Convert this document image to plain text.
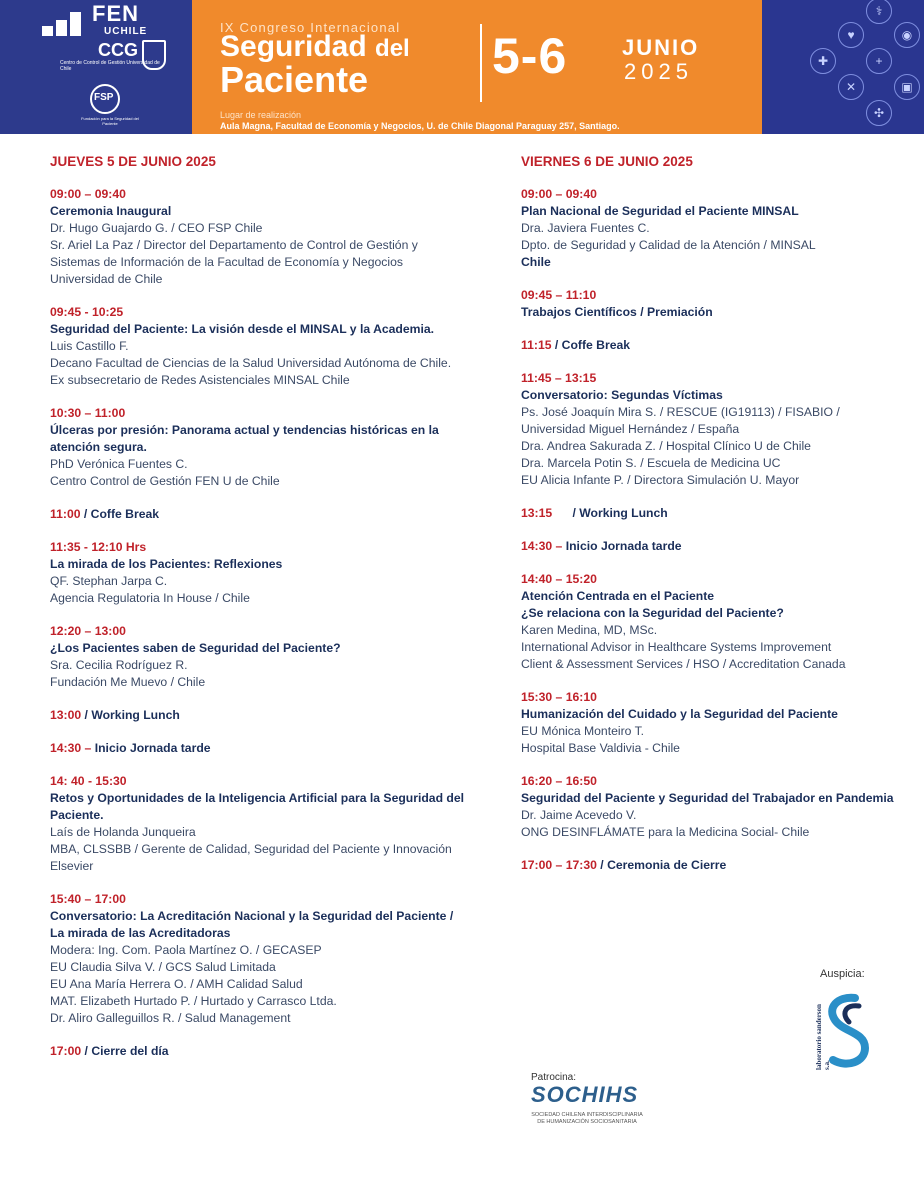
FEN
UCHILE
CCG
Centro de Control de Gestión Universidad de Chile
FSP
Fundación para la Seguridad del Paciente
IX Congreso Internacional
Seguridad del
Paciente 5-6 JUNIO
2025
Lugar de realización
Aula Magna, Facultad de Economía y Negocios, U. de Chile Diagonal Paraguay 257, Santiago.
⚕
♥
+
◉
✚
✕	▣
✣
JUEVES 5 DE JUNIO 2025
09:00 – 09:40
Ceremonia Inaugural
Dr. Hugo Guajardo G. / CEO FSP Chile
Sr. Ariel La Paz / Director del Departamento de Control de Gestión y Sistemas de Información de la Facultad de Economía y Negocios Universidad de Chile
09:45 - 10:25
Seguridad del Paciente: La visión desde el MINSAL y la Academia.
Luis Castillo F.
Decano Facultad de Ciencias de la Salud Universidad Autónoma de Chile.
Ex subsecretario de Redes Asistenciales MINSAL Chile
10:30 – 11:00
Úlceras por presión: Panorama actual y tendencias históricas en la atención segura.
PhD Verónica Fuentes C.
Centro Control de Gestión FEN U de Chile
11:00 / Coffe Break
11:35 - 12:10 Hrs
La mirada de los Pacientes: Reflexiones
QF. Stephan Jarpa C.
Agencia Regulatoria In House / Chile
12:20 – 13:00
¿Los Pacientes saben de Seguridad del Paciente?
Sra. Cecilia Rodríguez R.
Fundación Me Muevo / Chile
13:00 / Working Lunch
14:30 – Inicio Jornada tarde
14: 40 - 15:30
Retos y Oportunidades de la Inteligencia Artificial para la Seguridad del Paciente.
Laís de Holanda Junqueira
MBA, CLSSBB / Gerente de Calidad, Seguridad del Paciente y Innovación Elsevier
15:40 – 17:00
Conversatorio: La Acreditación Nacional y la Seguridad del Paciente / La mirada de las Acreditadoras
Modera: Ing. Com. Paola Martínez O. / GECASEP
EU Claudia Silva V. / GCS Salud Limitada
EU Ana María Herrera O. / AMH Calidad Salud
MAT. Elizabeth Hurtado P. / Hurtado y Carrasco Ltda.
Dr. Aliro Galleguillos R. / Salud Management
17:00 / Cierre del día
VIERNES 6 DE JUNIO 2025
09:00 – 09:40
Plan Nacional de Seguridad el Paciente MINSAL
Dra. Javiera Fuentes C.
Dpto. de Seguridad y Calidad de la Atención / MINSAL
Chile
09:45 – 11:10
Trabajos Científicos / Premiación
11:15 / Coffe Break
11:45 – 13:15
Conversatorio: Segundas Víctimas
Ps. José Joaquín Mira S. / RESCUE (IG19113) / FISABIO /
Universidad Miguel Hernández / España
Dra. Andrea Sakurada Z. / Hospital Clínico U de Chile
Dra. Marcela Potin S. / Escuela de Medicina UC
EU Alicia Infante P. / Directora Simulación U. Mayor
13:15      / Working Lunch
14:30 – Inicio Jornada tarde
14:40 – 15:20
Atención Centrada en el Paciente
¿Se relaciona con la Seguridad del Paciente?
Karen Medina, MD, MSc.
International Advisor in Healthcare Systems Improvement
Client & Assessment Services / HSO / Accreditation Canada
15:30 – 16:10
Humanización del Cuidado y la Seguridad del Paciente
EU Mónica Monteiro T.
Hospital Base Valdivia - Chile
16:20 – 16:50
Seguridad del Paciente y Seguridad del Trabajador en Pandemia
Dr. Jaime Acevedo V.
ONG DESINFLÁMATE para la Medicina Social- Chile
17:00 – 17:30 / Ceremonia de Cierre
Auspicia:
laboratorio sanderson s.a.
Patrocina:
SOCHIHS
SOCIEDAD CHILENA INTERDISCIPLINARIA DE HUMANIZACIÓN SOCIOSANITARIA
